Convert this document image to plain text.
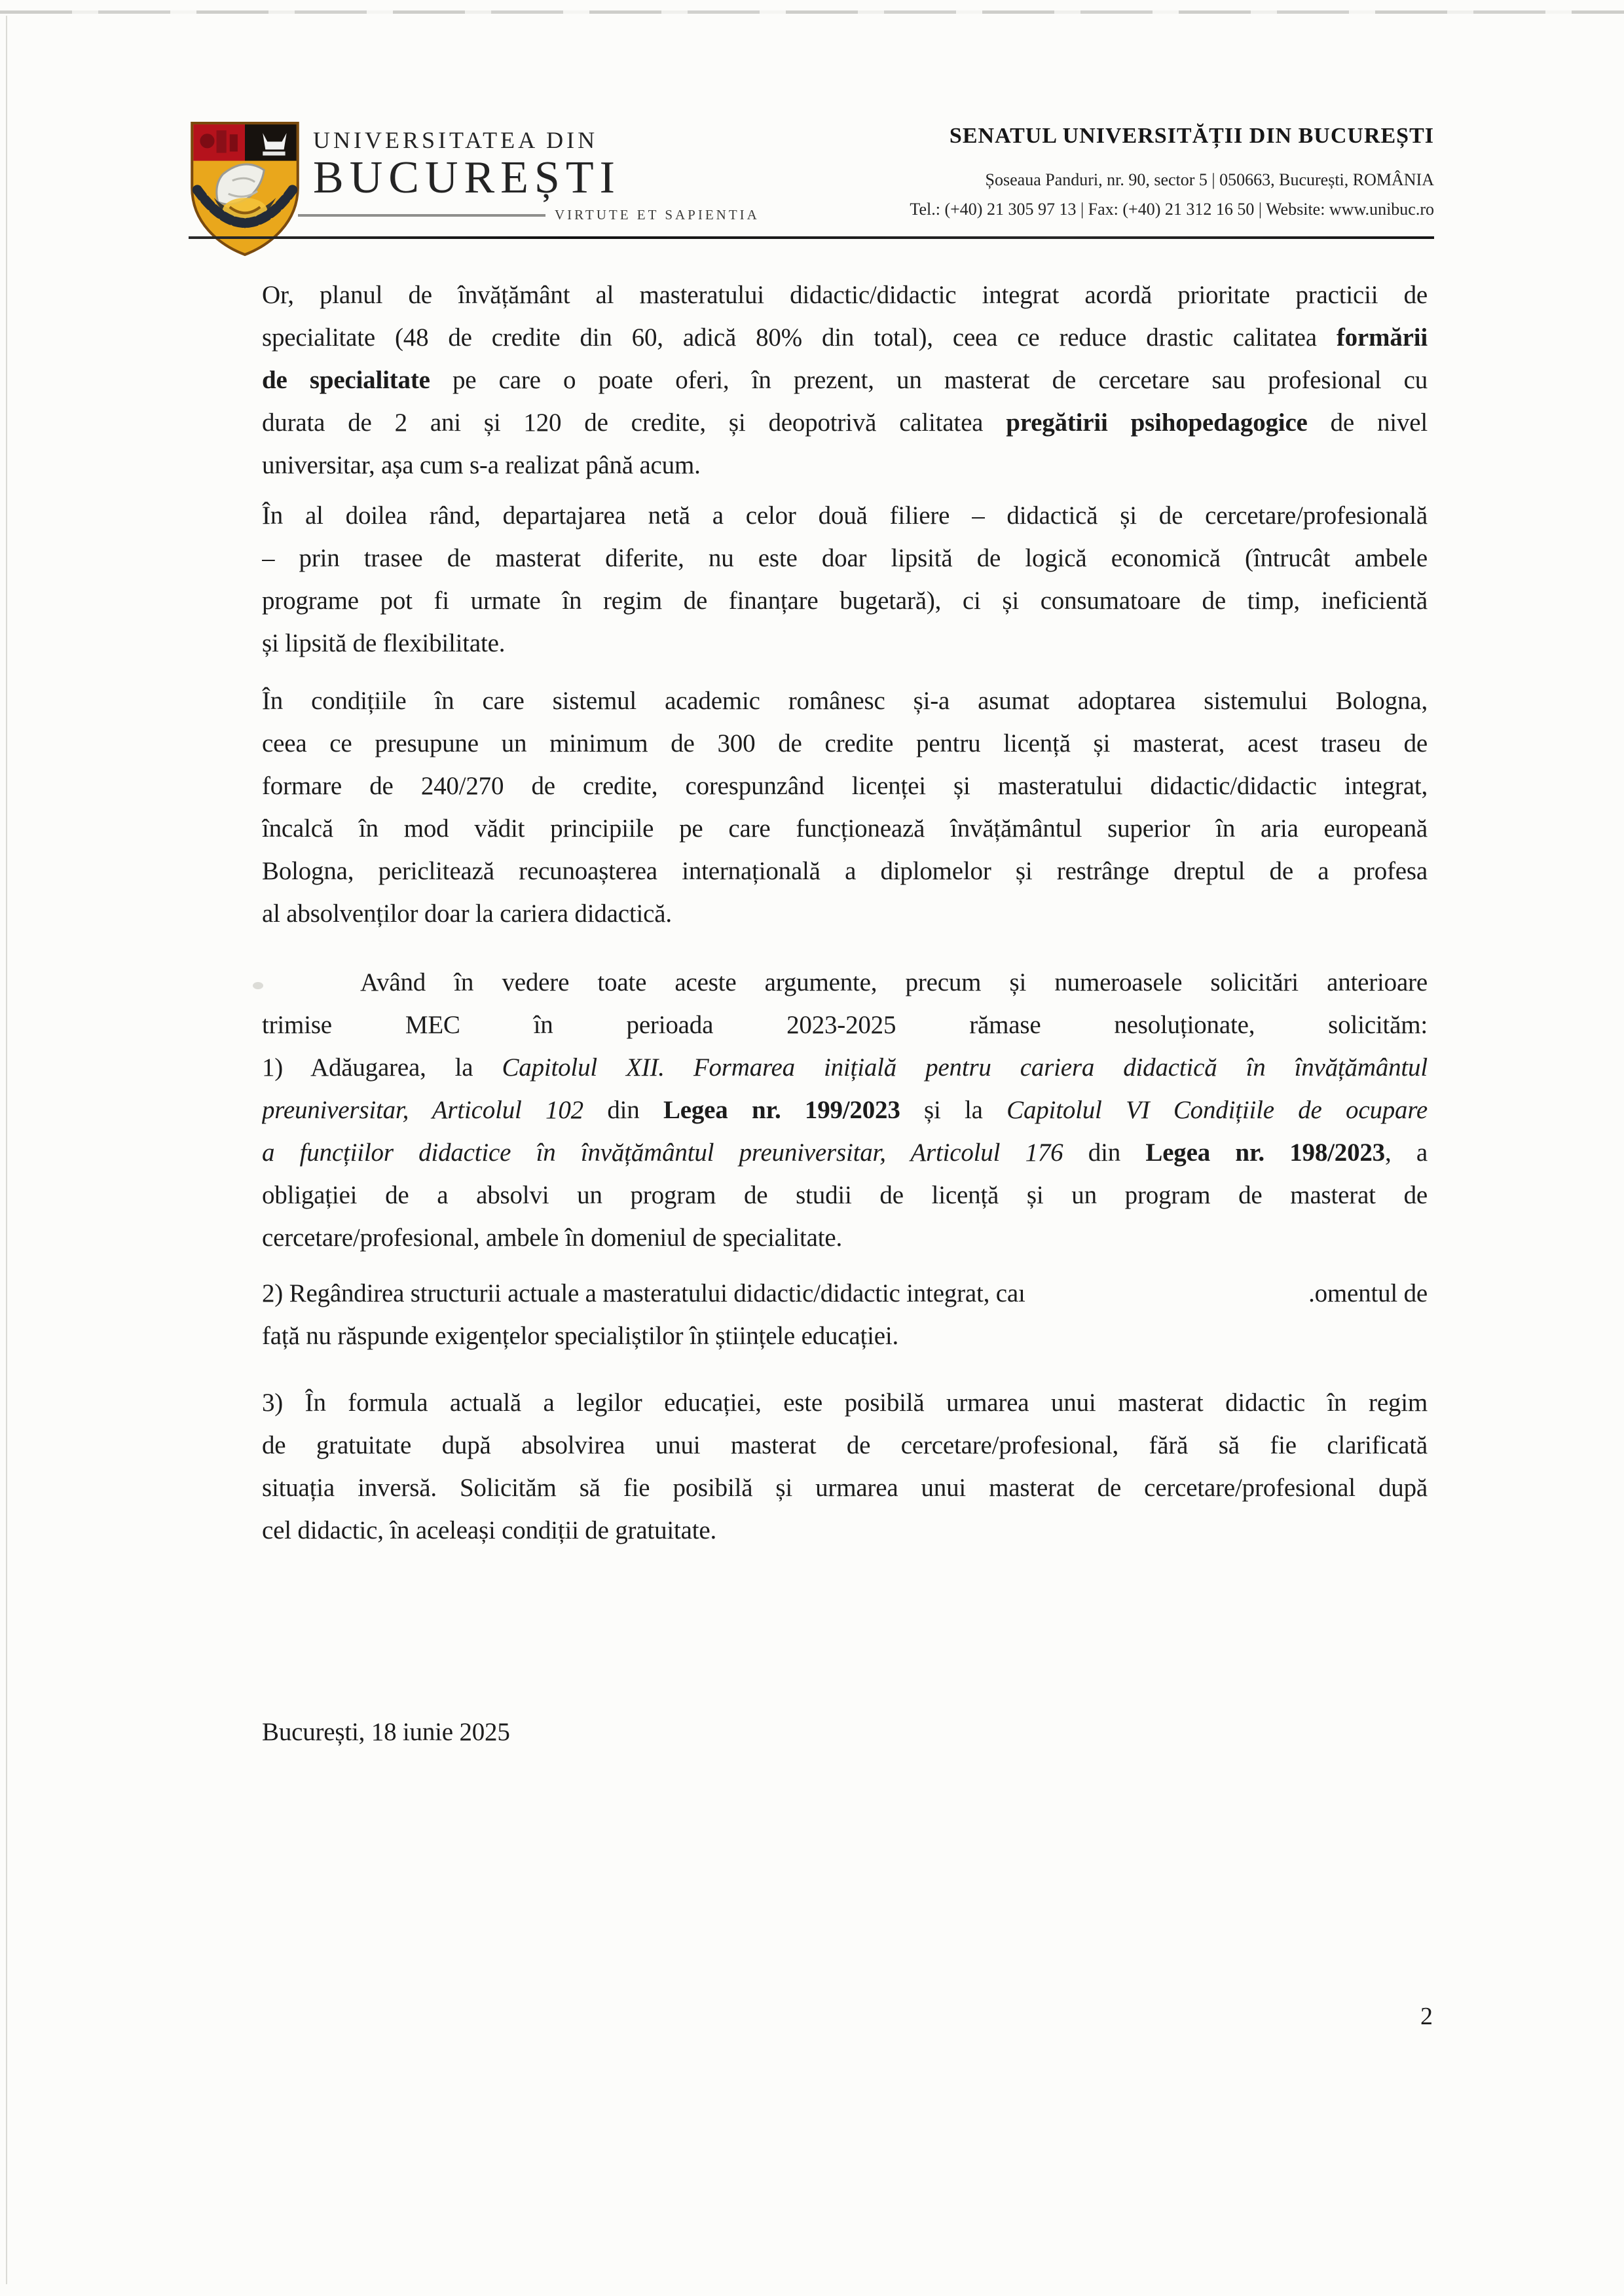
UNIVERSITATEA DIN
BUCUREȘTI
VIRTUTE ET SAPIENTIA
SENATUL UNIVERSITĂȚII DIN BUCUREȘTI
Șoseaua Panduri, nr. 90, sector 5 | 050663, București, ROMÂNIA
Tel.: (+40) 21 305 97 13 | Fax: (+40) 21 312 16 50 | Website: www.unibuc.ro
Or, planul de învățământ al masteratului didactic/didactic integrat acordă prioritate practicii de
specialitate (48 de credite din 60, adică 80% din total), ceea ce reduce drastic calitatea formării
de specialitate pe care o poate oferi, în prezent, un masterat de cercetare sau profesional cu
durata de 2 ani și 120 de credite, și deopotrivă calitatea pregătirii psihopedagogice de nivel
universitar, așa cum s-a realizat până acum.
În al doilea rând, departajarea netă a celor două filiere – didactică și de cercetare/profesională
– prin trasee de masterat diferite, nu este doar lipsită de logică economică (întrucât ambele
programe pot fi urmate în regim de finanțare bugetară), ci și consumatoare de timp, ineficientă
și lipsită de flexibilitate.
În condițiile în care sistemul academic românesc și-a asumat adoptarea sistemului Bologna,
ceea ce presupune un minimum de 300 de credite pentru licență și masterat, acest traseu de
formare de 240/270 de credite, corespunzând licenței și masteratului didactic/didactic integrat,
încalcă în mod vădit principiile pe care funcționează învățământul superior în aria europeană
Bologna, periclitează recunoașterea internațională a diplomelor și restrânge dreptul de a profesa
al absolvenților doar la cariera didactică.
Având în vedere toate aceste argumente, precum și numeroasele solicitări anterioare
trimise MEC în perioada 2023-2025 rămase nesoluționate, solicităm:
1) Adăugarea, la Capitolul XII. Formarea inițială pentru cariera didactică în învățământul
preuniversitar, Articolul 102 din Legea nr. 199/2023 și la Capitolul VI Condițiile de ocupare
a funcțiilor didactice în învățământul preuniversitar, Articolul 176 din Legea nr. 198/2023, a
obligației de a absolvi un program de studii de licență și un program de masterat de
cercetare/profesional, ambele în domeniul de specialitate.
2) Regândirea structurii actuale a masteratului didactic/didactic integrat, caı	.omentul de
față nu răspunde exigențelor specialiștilor în științele educației.
3) În formula actuală a legilor educației, este posibilă urmarea unui masterat didactic în regim
de gratuitate după absolvirea unui masterat de cercetare/profesional, fără să fie clarificată
situația inversă. Solicităm să fie posibilă și urmarea unui masterat de cercetare/profesional după
cel didactic, în aceleași condiții de gratuitate.
București, 18 iunie 2025
2
